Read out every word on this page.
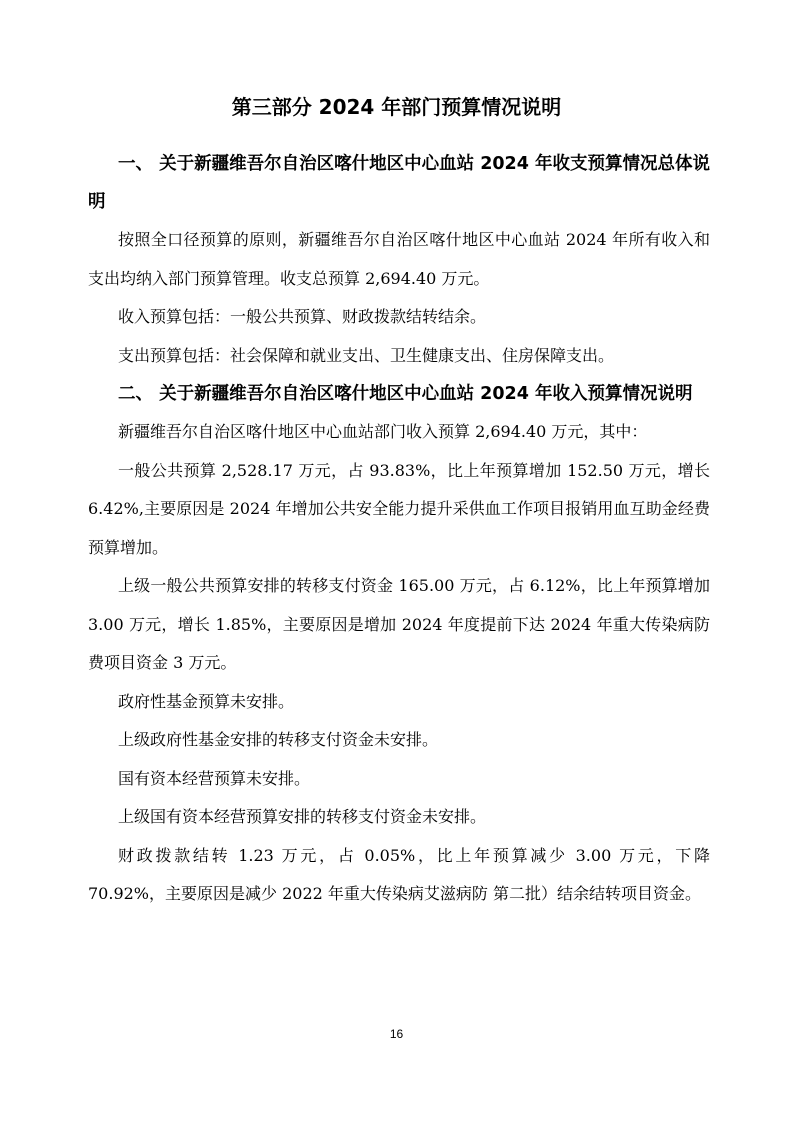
第三部分 2024 年部门预算情况说明

一、 关于新疆维吾尔自治区喀什地区中心血站 2024 年收支预算情况总体说明

按照全口径预算的原则，新疆维吾尔自治区喀什地区中心血站 2024 年所有收入和支出均纳入部门预算管理。收支总预算 2,694.40 万元。

收入预算包括：一般公共预算、财政拨款结转结余。

支出预算包括：社会保障和就业支出、卫生健康支出、住房保障支出。

二、 关于新疆维吾尔自治区喀什地区中心血站 2024 年收入预算情况说明

新疆维吾尔自治区喀什地区中心血站部门收入预算 2,694.40 万元，其中：

一般公共预算 2,528.17 万元，占 93.83%，比上年预算增加 152.50 万元，增长 6.42%,主要原因是 2024 年增加公共安全能力提升采供血工作项目报销用血互助金经费预算增加。

上级一般公共预算安排的转移支付资金 165.00 万元，占 6.12%，比上年预算增加 3.00 万元，增长 1.85%，主要原因是增加 2024 年度提前下达 2024 年重大传染病防 费项目资金 3 万元。

政府性基金预算未安排。

上级政府性基金安排的转移支付资金未安排。

国有资本经营预算未安排。

上级国有资本经营预算安排的转移支付资金未安排。

财政拨款结转 1.23 万元，占 0.05%，比上年预算减少 3.00 万元，下降 70.92%，主要原因是减少 2022 年重大传染病艾滋病防 第二批）结余结转项目资金。

16
